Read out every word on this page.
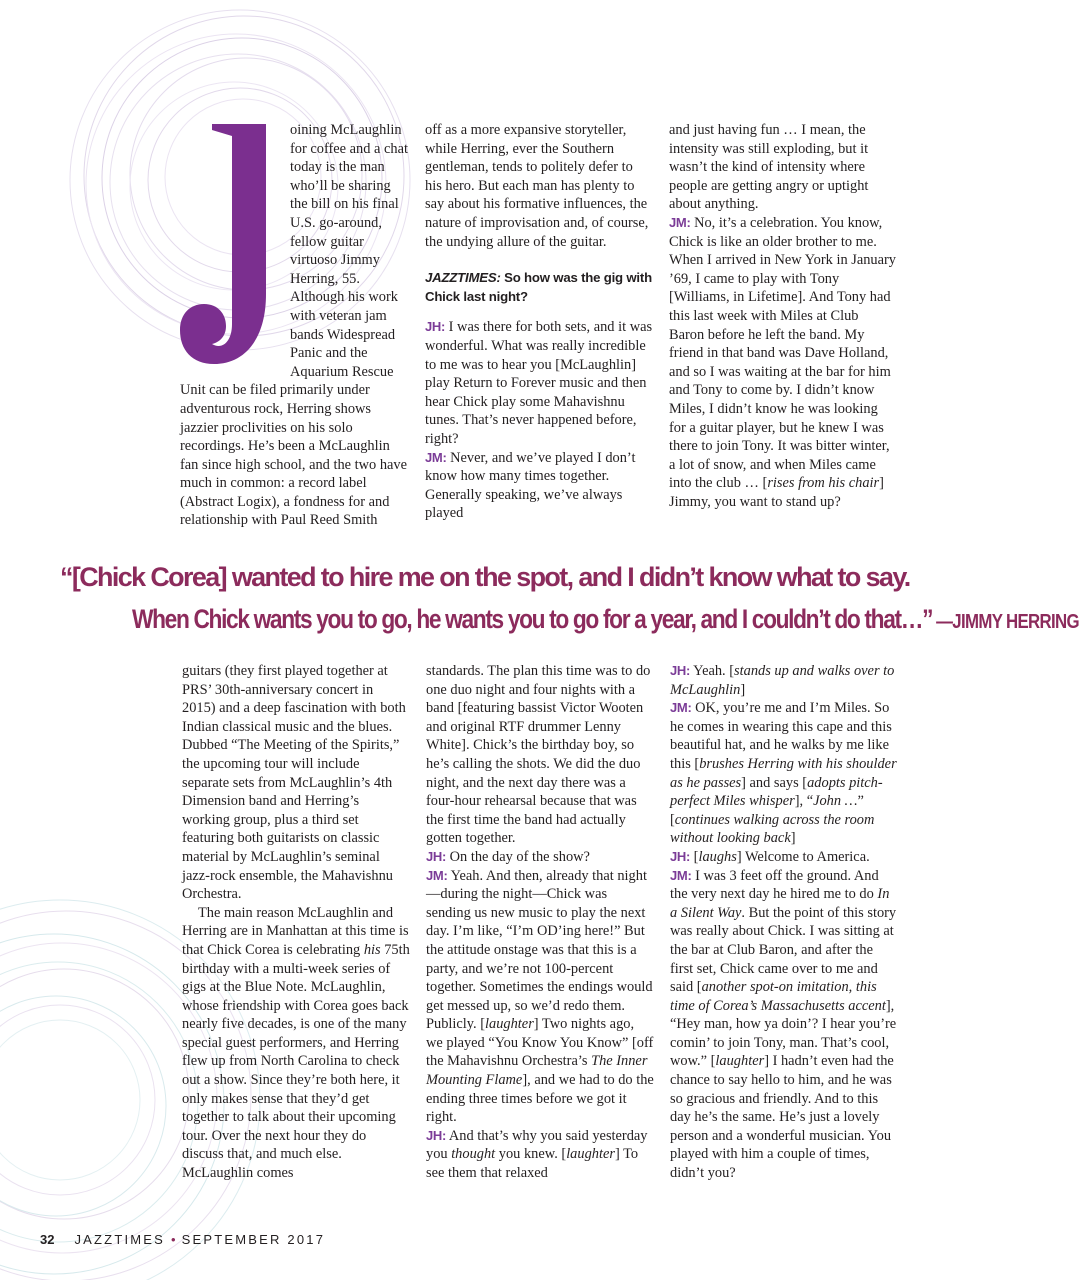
oining McLaughlin for coffee and a chat today is the man who’ll be sharing the bill on his final U.S. go-around, fellow guitar virtuoso Jimmy Herring, 55. Although his work with veteran jam bands Widespread Panic and the Aquarium Rescue Unit can be filed primarily under adventurous rock, Herring shows jazzier proclivities on his solo recordings. He’s been a McLaughlin fan since high school, and the two have much in common: a record label (Abstract Logix), a fondness for and relationship with Paul Reed Smith

off as a more expansive storyteller, while Herring, ever the Southern gentleman, tends to politely defer to his hero. But each man has plenty to say about his formative influences, the nature of improvisation and, of course, the undying allure of the guitar.

JAZZTIMES: So how was the gig with Chick last night?

JH: I was there for both sets, and it was wonderful. What was really incredible to me was to hear you [McLaughlin] play Return to Forever music and then hear Chick play some Mahavishnu tunes. That’s never happened before, right?

JM: Never, and we’ve played I don’t know how many times together. Generally speaking, we’ve always played

and just having fun … I mean, the intensity was still exploding, but it wasn’t the kind of intensity where people are getting angry or uptight about anything.

JM: No, it’s a celebration. You know, Chick is like an older brother to me. When I arrived in New York in January ’69, I came to play with Tony [Williams, in Lifetime]. And Tony had this last week with Miles at Club Baron before he left the band. My friend in that band was Dave Holland, and so I was waiting at the bar for him and Tony to come by. I didn’t know Miles, I didn’t know he was looking for a guitar player, but he knew I was there to join Tony. It was bitter winter, a lot of snow, and when Miles came into the club … [rises from his chair] Jimmy, you want to stand up?

“[Chick Corea] wanted to hire me on the spot, and I didn’t know what to say.
When Chick wants you to go, he wants you to go for a year, and I couldn’t do that…” —JIMMY HERRING

guitars (they first played together at PRS’ 30th-anniversary concert in 2015) and a deep fascination with both Indian classical music and the blues. Dubbed “The Meeting of the Spirits,” the upcoming tour will include separate sets from McLaughlin’s 4th Dimension band and Herring’s working group, plus a third set featuring both guitarists on classic material by McLaughlin’s seminal jazz-rock ensemble, the Mahavishnu Orchestra.

The main reason McLaughlin and Herring are in Manhattan at this time is that Chick Corea is celebrating his 75th birthday with a multi-week series of gigs at the Blue Note. McLaughlin, whose friendship with Corea goes back nearly five decades, is one of the many special guest performers, and Herring flew up from North Carolina to check out a show. Since they’re both here, it only makes sense that they’d get together to talk about their upcoming tour. Over the next hour they do discuss that, and much else. McLaughlin comes

standards. The plan this time was to do one duo night and four nights with a band [featuring bassist Victor Wooten and original RTF drummer Lenny White]. Chick’s the birthday boy, so he’s calling the shots. We did the duo night, and the next day there was a four-hour rehearsal because that was the first time the band had actually gotten together.

JH: On the day of the show?

JM: Yeah. And then, already that night—during the night—Chick was sending us new music to play the next day. I’m like, “I’m OD’ing here!” But the attitude onstage was that this is a party, and we’re not 100-percent together. Sometimes the endings would get messed up, so we’d redo them. Publicly. [laughter] Two nights ago, we played “You Know You Know” [off the Mahavishnu Orchestra’s The Inner Mounting Flame], and we had to do the ending three times before we got it right.

JH: And that’s why you said yesterday you thought you knew. [laughter] To see them that relaxed

JH: Yeah. [stands up and walks over to McLaughlin]

JM: OK, you’re me and I’m Miles. So he comes in wearing this cape and this beautiful hat, and he walks by me like this [brushes Herring with his shoulder as he passes] and says [adopts pitch-perfect Miles whisper], “John …” [continues walking across the room without looking back]

JH: [laughs] Welcome to America.

JM: I was 3 feet off the ground. And the very next day he hired me to do In a Silent Way. But the point of this story was really about Chick. I was sitting at the bar at Club Baron, and after the first set, Chick came over to me and said [another spot-on imitation, this time of Corea’s Massachusetts accent], “Hey man, how ya doin’? I hear you’re comin’ to join Tony, man. That’s cool, wow.” [laughter] I hadn’t even had the chance to say hello to him, and he was so gracious and friendly. And to this day he’s the same. He’s just a lovely person and a wonderful musician. You played with him a couple of times, didn’t you?

32 JAZZTIMES • SEPTEMBER 2017
